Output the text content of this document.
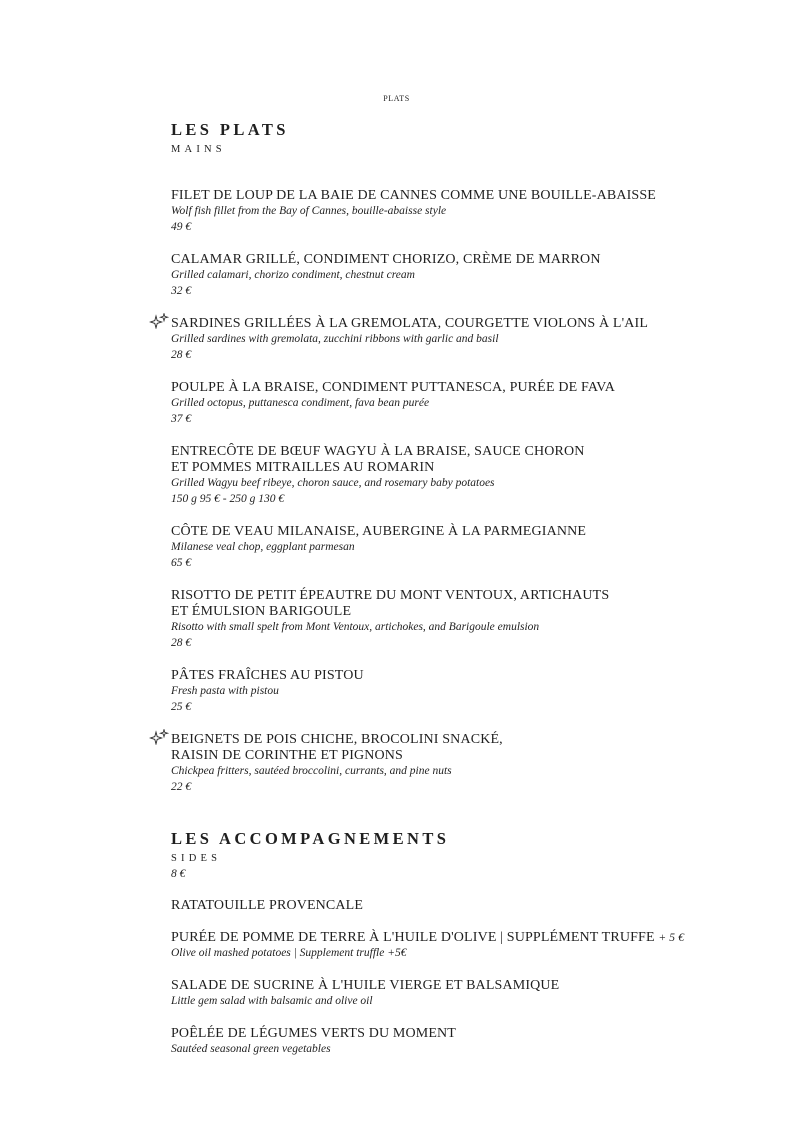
PLATS
LES PLATS
MAINS
FILET DE LOUP DE LA BAIE DE CANNES COMME UNE BOUILLE-ABAISSE
Wolf fish fillet from the Bay of Cannes, bouille-abaisse style
49 €
CALAMAR GRILLÉ, CONDIMENT CHORIZO, CRÈME DE MARRON
Grilled calamari, chorizo condiment, chestnut cream
32 €
SARDINES GRILLÉES À LA GREMOLATA, COURGETTE VIOLONS À L'AIL
Grilled sardines with gremolata, zucchini ribbons with garlic and basil
28 €
POULPE À LA BRAISE, CONDIMENT PUTTANESCA, PURÉE DE FAVA
Grilled octopus, puttanesca condiment, fava bean purée
37 €
ENTRECÔTE DE BŒUF WAGYU À LA BRAISE, SAUCE CHORON
ET POMMES MITRAILLES AU ROMARIN
Grilled Wagyu beef ribeye, choron sauce, and rosemary baby potatoes
150 g 95 € - 250 g 130 €
CÔTE DE VEAU MILANAISE, AUBERGINE À LA PARMEGIANNE
Milanese veal chop, eggplant parmesan
65 €
RISOTTO DE PETIT ÉPEAUTRE DU MONT VENTOUX, ARTICHAUTS
ET ÉMULSION BARIGOULE
Risotto with small spelt from Mont Ventoux, artichokes, and Barigoule emulsion
28 €
PÂTES FRAÎCHES AU PISTOU
Fresh pasta with pistou
25 €
BEIGNETS DE POIS CHICHE, BROCOLINI SNACKÉ,
RAISIN DE CORINTHE ET PIGNONS
Chickpea fritters, sautéed broccolini, currants, and pine nuts
22 €
LES ACCOMPAGNEMENTS
SIDES
8 €
RATATOUILLE PROVENCALE
PURÉE DE POMME DE TERRE À L'HUILE D'OLIVE | SUPPLÉMENT TRUFFE + 5 €
Olive oil mashed potatoes | Supplement truffle +5€
SALADE DE SUCRINE À L'HUILE VIERGE ET BALSAMIQUE
Little gem salad with balsamic and olive oil
POÊLÉE DE LÉGUMES VERTS DU MOMENT
Sautéed seasonal green vegetables
